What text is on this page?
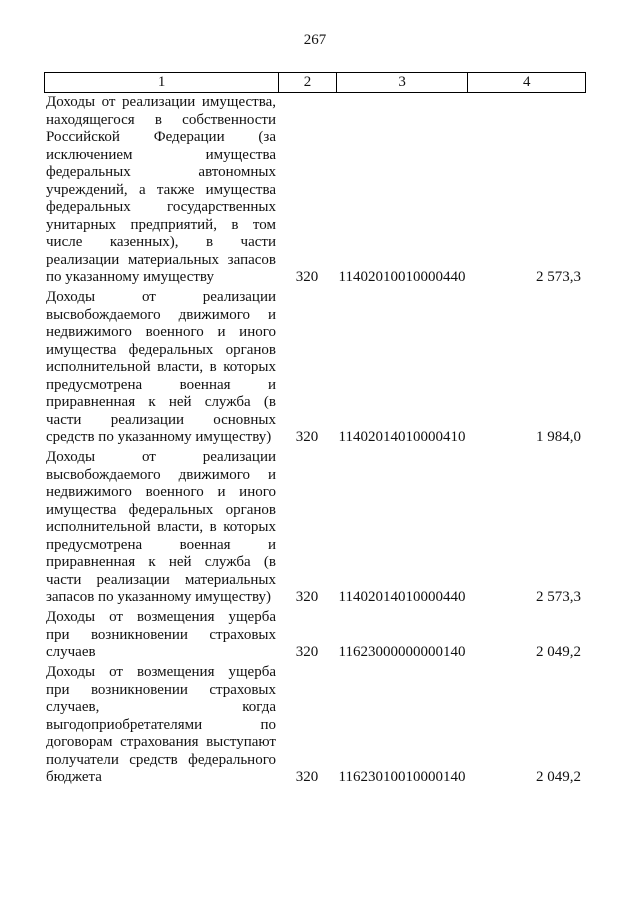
267
1	2	3	4
Доходы от реализации имущества,
находящегося в собственности
Российской Федерации (за
исключением имущества
федеральных автономных
учреждений, а также имущества
федеральных государственных
унитарных предприятий, в том
числе казенных), в части
реализации материальных запасов
по указанному имуществу	320	11402010010000440	2 573,3
Доходы от реализации
высвобождаемого движимого и
недвижимого военного и иного
имущества федеральных органов
исполнительной власти, в которых
предусмотрена военная и
приравненная к ней служба (в
части реализации основных
средств по указанному имуществу)	320	11402014010000410	1 984,0
Доходы от реализации
высвобождаемого движимого и
недвижимого военного и иного
имущества федеральных органов
исполнительной власти, в которых
предусмотрена военная и
приравненная к ней служба (в
части реализации материальных
запасов по указанному имуществу)	320	11402014010000440	2 573,3
Доходы от возмещения ущерба
при возникновении страховых
случаев	320	11623000000000140	2 049,2
Доходы от возмещения ущерба
при возникновении страховых
случаев, когда
выгодоприобретателями по
договорам страхования выступают
получатели средств федерального
бюджета	320	11623010010000140	2 049,2
